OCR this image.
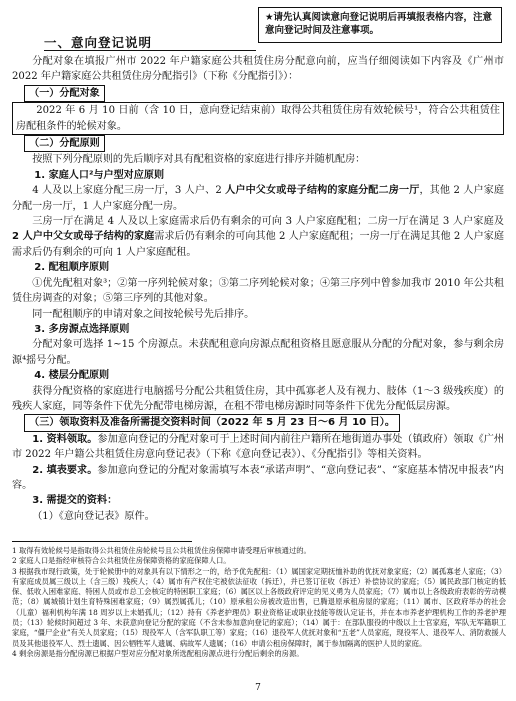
★请先认真阅读意向登记说明后再填报表格内容，注意意向登记时间及注意事项。
一、意向登记说明

分配对象在填报广州市 2022 年户籍家庭公共租赁住房分配意向前，应当仔细阅读如下内容及《广州市 2022 年户籍家庭公共租赁住房分配指引》（下称《分配指引》）：

（一）分配对象

2022 年 6 月 10 日前（含 10 日，意向登记结束前）取得公共租赁住房有效轮候号¹，符合公共租赁住房配租条件的轮候对象。

（二）分配原则

按照下列分配原则的先后顺序对具有配租资格的家庭进行排序并随机配房：

1. 家庭人口²与户型对应原则

4 人及以上家庭分配三房一厅，3 人户、2 人户中父女或母子结构的家庭分配二房一厅，其他 2 人户家庭分配一房一厅，1 人户家庭分配一房。

三房一厅在满足 4 人及以上家庭需求后仍有剩余的可向 3 人户家庭配租；二房一厅在满足 3 人户家庭及 2 人户中父女或母子结构的家庭需求后仍有剩余的可向其他 2 人户家庭配租；一房一厅在满足其他 2 人户家庭需求后仍有剩余的可向 1 人户家庭配租。

2. 配租顺序原则

①优先配租对象³；②第一序列轮候对象；③第二序列轮候对象；④第三序列中曾参加我市 2010 年公共租赁住房调查的对象；⑤第三序列的其他对象。

同一配租顺序的申请对象之间按轮候号先后排序。

3. 多房源点选择原则

分配对象可选择 1~15 个房源点。未获配租意向房源点配租资格且愿意服从分配的分配对象，参与剩余房源⁴摇号分配。

4. 楼层分配原则

获得分配资格的家庭进行电脑摇号分配公共租赁住房，其中孤寡老人及有视力、肢体（1～3 级残疾度）的残疾人家庭，同等条件下优先分配带电梯房源，在租不带电梯房源时同等条件下优先分配低层房源。

（三）领取资料及准备所需提交资料时间（2022 年 5 月 23 日～6 月 10 日）。

1. 资料领取。参加意向登记的分配对象可于上述时间内前往户籍所在地街道办事处（镇政府）领取《广州市 2022 年户籍公共租赁住房意向登记表》（下称《意向登记表》）、《分配指引》等相关资料。

2. 填表要求。参加意向登记的分配对象需填写本表“承诺声明”、“意向登记表”、“家庭基本情况申报表”内容。

3. 需提交的资料：

（1）《意向登记表》原件。

1 取得有效轮候号是指取得公共租赁住房轮候号且公共租赁住房保障申请受理后审核通过的。

2 家庭人口是指经审核符合公共租赁住房保障资格的家庭保障人口。

3 根据我市现行政策，处于轮候册中的对象具有以下情形之一的，给予优先配租：（1）属国家定期抚恤补助的优抚对象家庭；（2）属孤寡老人家庭；（3）有家庭成员属三级以上（含三级）残疾人；（4）属市有产权住宅被依法征收（拆迁），并已签订征收（拆迁）补偿协议的家庭；（5）属民政部门核定的低保、低收入困难家庭、特困人员或市总工会核定的特困职工家庭；（6）属区以上各级政府评定的见义勇为人员家庭；（7）属市以上各级政府表彰的劳动模范；（8）属城镇计划生育特殊困难家庭；（9）属烈属孤儿；（10）原承租公房被改造出售，已腾退原承租房屋的家庭；（11）属市、区政府举办的社会（儿童）福利机构年满 18 周岁以上未婚孤儿；（12）持有《养老护理员》职业资格证或职业技能等级认定证书，并在本市养老护理机构工作的养老护理员；（13）轮候时间超过 3 年、未获意向登记分配的家庭（不含未参加意向登记的家庭）；（14）属于：在部队服役的中级以上士官家庭，军队无军籍职工家庭，“僵尸企业”有关人员家庭；（15）现役军人（含军队职工等）家庭；（16）退役军人优抚对象和“五老”人员家庭，现役军人、退役军人、消防救援人员及其他退役军人、烈士遗属、因公牺牲军人遗属、病故军人遗属；（16）申请公租房保障时，属于参加隔离的医护人员的家庭。

4 剩余房源是指分配房源已根据户型对应分配对象所选配租房源点进行分配后剩余的房源。

7
